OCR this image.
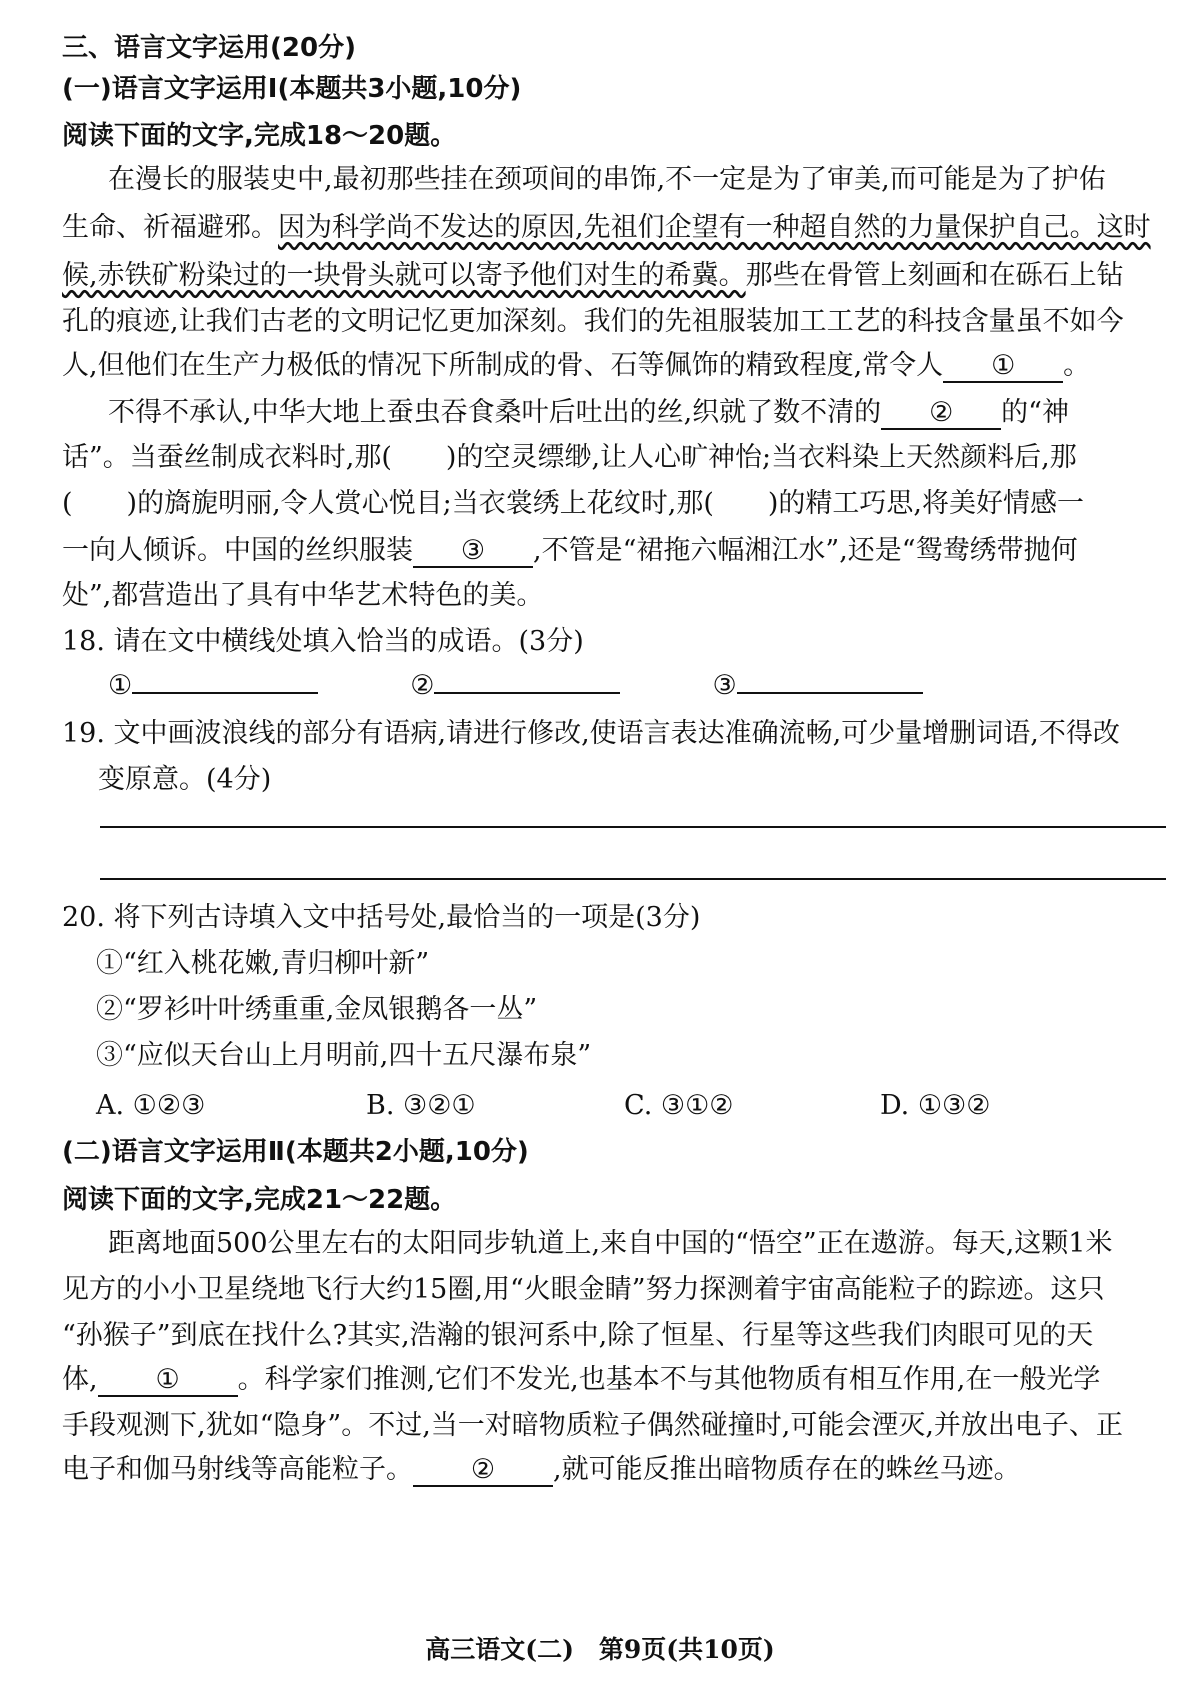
三、语言文字运用(20分)
(一)语言文字运用Ⅰ(本题共3小题,10分)
阅读下面的文字,完成18～20题。
在漫长的服装史中,最初那些挂在颈项间的串饰,不一定是为了审美,而可能是为了护佑
生命、祈福避邪。因为科学尚不发达的原因,先祖们企望有一种超自然的力量保护自己。这时
候,赤铁矿粉染过的一块骨头就可以寄予他们对生的希冀。那些在骨管上刻画和在砾石上钻
孔的痕迹,让我们古老的文明记忆更加深刻。我们的先祖服装加工工艺的科技含量虽不如今
人,但他们在生产力极低的情况下所制成的骨、石等佩饰的精致程度,常令人 ① 。
不得不承认,中华大地上蚕虫吞食桑叶后吐出的丝,织就了数不清的 ② 的“神
话”。当蚕丝制成衣料时,那(　　)的空灵缥缈,让人心旷神怡;当衣料染上天然颜料后,那
(　　)的旖旎明丽,令人赏心悦目;当衣裳绣上花纹时,那(　　)的精工巧思,将美好情感一
一向人倾诉。中国的丝织服装 ③ ,不管是“裙拖六幅湘江水”,还是“鸳鸯绣带抛何
处”,都营造出了具有中华艺术特色的美。
18. 请在文中横线处填入恰当的成语。(3分)
①	②	③
19. 文中画波浪线的部分有语病,请进行修改,使语言表达准确流畅,可少量增删词语,不得改
变原意。(4分)
20. 将下列古诗填入文中括号处,最恰当的一项是(3分)
①“红入桃花嫩,青归柳叶新”
②“罗衫叶叶绣重重,金凤银鹅各一丛”
③“应似天台山上月明前,四十五尺瀑布泉”
A. ①②③	B. ③②①	C. ③①②	D. ①③②
(二)语言文字运用Ⅱ(本题共2小题,10分)
阅读下面的文字,完成21～22题。
距离地面500公里左右的太阳同步轨道上,来自中国的“悟空”正在遨游。每天,这颗1米
见方的小小卫星绕地飞行大约15圈,用“火眼金睛”努力探测着宇宙高能粒子的踪迹。这只
“孙猴子”到底在找什么?其实,浩瀚的银河系中,除了恒星、行星等这些我们肉眼可见的天
体, ① 。科学家们推测,它们不发光,也基本不与其他物质有相互作用,在一般光学
手段观测下,犹如“隐身”。不过,当一对暗物质粒子偶然碰撞时,可能会湮灭,并放出电子、正
电子和伽马射线等高能粒子。 ② ,就可能反推出暗物质存在的蛛丝马迹。
高三语文(二)　第9页(共10页)
